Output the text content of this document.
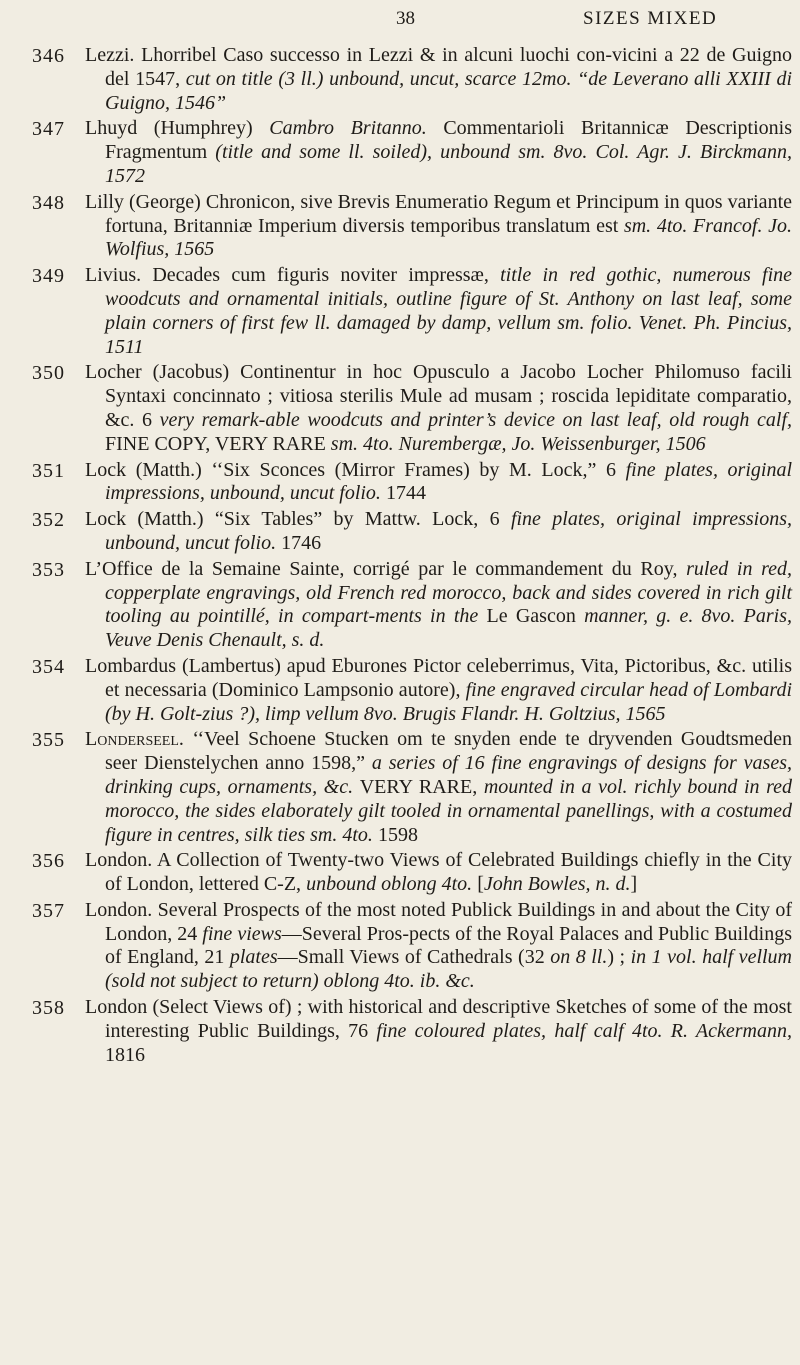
38	SIZES MIXED
346 Lezzi. Lhorribel Caso successo in Lezzi & in alcuni luochi con-vicini a 22 de Guigno del 1547, cut on title (3 ll.) unbound, uncut, scarce 12mo. “de Leverano alli XXIII di Guigno, 1546”
347 Lhuyd (Humphrey) Cambro Britanno. Commentarioli Britannicæ Descriptionis Fragmentum (title and some ll. soiled), unbound sm. 8vo. Col. Agr. J. Birckmann, 1572
348 Lilly (George) Chronicon, sive Brevis Enumeratio Regum et Principum in quos variante fortuna, Britanniæ Imperium diversis temporibus translatum est sm. 4to. Francof. Jo. Wolfius, 1565
349 Livius. Decades cum figuris noviter impressæ, title in red gothic, numerous fine woodcuts and ornamental initials, outline figure of St. Anthony on last leaf, some plain corners of first few ll. damaged by damp, vellum sm. folio. Venet. Ph. Pincius, 1511
350 Locher (Jacobus) Continentur in hoc Opusculo a Jacobo Locher Philomuso facili Syntaxi concinnato ; vitiosa sterilis Mule ad musam ; roscida lepiditate comparatio, &c. 6 very remark-able woodcuts and printer’s device on last leaf, old rough calf, FINE COPY, VERY RARE sm. 4to. Nurembergæ, Jo. Weissenburger, 1506
351 Lock (Matth.) ‘‘Six Sconces (Mirror Frames) by M. Lock,” 6 fine plates, original impressions, unbound, uncut folio. 1744
352 Lock (Matth.) “Six Tables” by Mattw. Lock, 6 fine plates, original impressions, unbound, uncut folio. 1746
353 L’Office de la Semaine Sainte, corrigé par le commandement du Roy, ruled in red, copperplate engravings, old French red morocco, back and sides covered in rich gilt tooling au pointillé, in compart-ments in the Le Gascon manner, g. e. 8vo. Paris, Veuve Denis Chenault, s. d.
354 Lombardus (Lambertus) apud Eburones Pictor celeberrimus, Vita, Pictoribus, &c. utilis et necessaria (Dominico Lampsonio autore), fine engraved circular head of Lombardi (by H. Golt-zius ?), limp vellum 8vo. Brugis Flandr. H. Goltzius, 1565
355 Londerseel. ‘‘Veel Schoene Stucken om te snyden ende te dryvenden Goudtsmeden seer Dienstelychen anno 1598,” a series of 16 fine engravings of designs for vases, drinking cups, ornaments, &c. VERY RARE, mounted in a vol. richly bound in red morocco, the sides elaborately gilt tooled in ornamental panellings, with a costumed figure in centres, silk ties sm. 4to. 1598
356 London. A Collection of Twenty-two Views of Celebrated Buildings chiefly in the City of London, lettered C-Z, unbound oblong 4to. [John Bowles, n. d.]
357 London. Several Prospects of the most noted Publick Buildings in and about the City of London, 24 fine views—Several Pros-pects of the Royal Palaces and Public Buildings of England, 21 plates—Small Views of Cathedrals (32 on 8 ll.) ; in 1 vol. half vellum (sold not subject to return) oblong 4to. ib. &c.
358 London (Select Views of) ; with historical and descriptive Sketches of some of the most interesting Public Buildings, 76 fine coloured plates, half calf 4to. R. Ackermann, 1816
